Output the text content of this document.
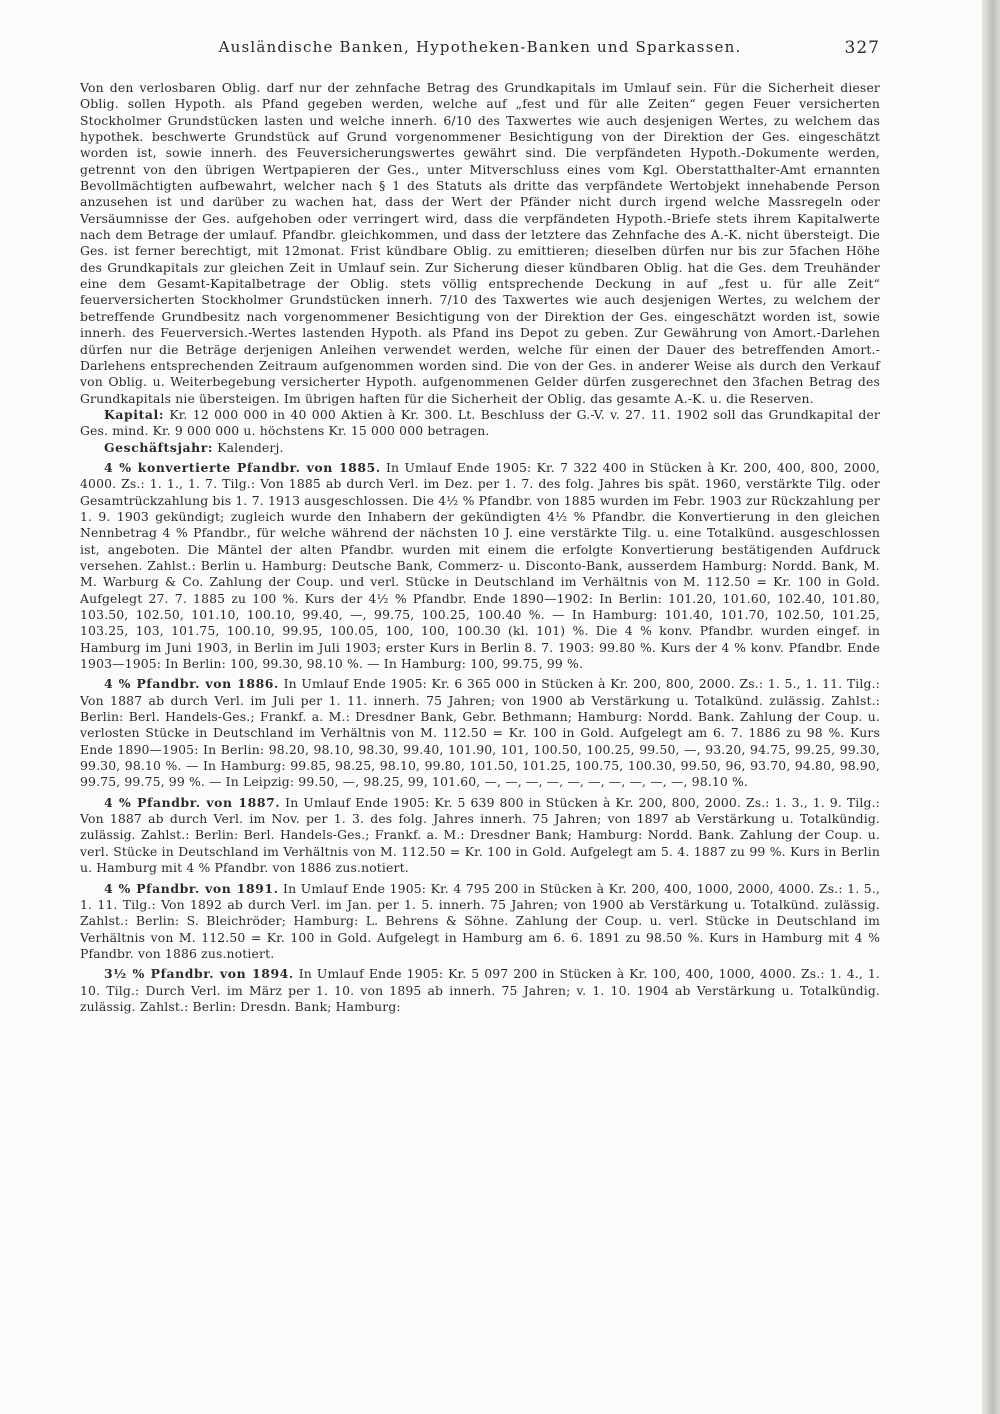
Ausländische Banken, Hypotheken-Banken und Sparkassen.	327

Von den verlosbaren Oblig. darf nur der zehnfache Betrag des Grundkapitals im Umlauf sein. Für die Sicherheit dieser Oblig. sollen Hypoth. als Pfand gegeben werden, welche auf „fest und für alle Zeiten“ gegen Feuer versicherten Stockholmer Grundstücken lasten und welche innerh. 6/10 des Taxwertes wie auch desjenigen Wertes, zu welchem das hypothek. beschwerte Grundstück auf Grund vorgenommener Besichtigung von der Direktion der Ges. eingeschätzt worden ist, sowie innerh. des Feuversicherungswertes gewährt sind. Die verpfändeten Hypoth.-Dokumente werden, getrennt von den übrigen Wertpapieren der Ges., unter Mitverschluss eines vom Kgl. Oberstatthalter-Amt ernannten Bevollmächtigten aufbewahrt, welcher nach § 1 des Statuts als dritte das verpfändete Wertobjekt innehabende Person anzusehen ist und darüber zu wachen hat, dass der Wert der Pfänder nicht durch irgend welche Massregeln oder Versäumnisse der Ges. aufgehoben oder verringert wird, dass die verpfändeten Hypoth.-Briefe stets ihrem Kapitalwerte nach dem Betrage der umlauf. Pfandbr. gleichkommen, und dass der letztere das Zehnfache des A.-K. nicht übersteigt. Die Ges. ist ferner berechtigt, mit 12monat. Frist kündbare Oblig. zu emittieren; dieselben dürfen nur bis zur 5fachen Höhe des Grundkapitals zur gleichen Zeit in Umlauf sein. Zur Sicherung dieser kündbaren Oblig. hat die Ges. dem Treuhänder eine dem Gesamt-Kapitalbetrage der Oblig. stets völlig entsprechende Deckung in auf „fest u. für alle Zeit“ feuerversicherten Stockholmer Grundstücken innerh. 7/10 des Taxwertes wie auch desjenigen Wertes, zu welchem der betreffende Grundbesitz nach vorgenommener Besichtigung von der Direktion der Ges. eingeschätzt worden ist, sowie innerh. des Feuerversich.-Wertes lastenden Hypoth. als Pfand ins Depot zu geben. Zur Gewährung von Amort.-Darlehen dürfen nur die Beträge derjenigen Anleihen verwendet werden, welche für einen der Dauer des betreffenden Amort.-Darlehens entsprechenden Zeitraum aufgenommen worden sind. Die von der Ges. in anderer Weise als durch den Verkauf von Oblig. u. Weiterbegebung versicherter Hypoth. aufgenommenen Gelder dürfen zusgerechnet den 3fachen Betrag des Grundkapitals nie übersteigen. Im übrigen haften für die Sicherheit der Oblig. das gesamte A.-K. u. die Reserven.

Kapital: Kr. 12 000 000 in 40 000 Aktien à Kr. 300. Lt. Beschluss der G.-V. v. 27. 11. 1902 soll das Grundkapital der Ges. mind. Kr. 9 000 000 u. höchstens Kr. 15 000 000 betragen.

Geschäftsjahr: Kalenderj.

4 % konvertierte Pfandbr. von 1885. In Umlauf Ende 1905: Kr. 7 322 400 in Stücken à Kr. 200, 400, 800, 2000, 4000. Zs.: 1. 1., 1. 7. Tilg.: Von 1885 ab durch Verl. im Dez. per 1. 7. des folg. Jahres bis spät. 1960, verstärkte Tilg. oder Gesamtrückzahlung bis 1. 7. 1913 ausgeschlossen. Die 4½ % Pfandbr. von 1885 wurden im Febr. 1903 zur Rückzahlung per 1. 9. 1903 gekündigt; zugleich wurde den Inhabern der gekündigten 4½ % Pfandbr. die Konvertierung in den gleichen Nennbetrag 4 % Pfandbr., für welche während der nächsten 10 J. eine verstärkte Tilg. u. eine Totalkünd. ausgeschlossen ist, angeboten. Die Mäntel der alten Pfandbr. wurden mit einem die erfolgte Konvertierung bestätigenden Aufdruck versehen. Zahlst.: Berlin u. Hamburg: Deutsche Bank, Commerz- u. Disconto-Bank, ausserdem Hamburg: Nordd. Bank, M. M. Warburg & Co. Zahlung der Coup. und verl. Stücke in Deutschland im Verhältnis von M. 112.50 = Kr. 100 in Gold. Aufgelegt 27. 7. 1885 zu 100 %. Kurs der 4½ % Pfandbr. Ende 1890—1902: In Berlin: 101.20, 101.60, 102.40, 101.80, 103.50, 102.50, 101.10, 100.10, 99.40, —, 99.75, 100.25, 100.40 %. — In Hamburg: 101.40, 101.70, 102.50, 101.25, 103.25, 103, 101.75, 100.10, 99.95, 100.05, 100, 100, 100.30 (kl. 101) %. Die 4 % konv. Pfandbr. wurden eingef. in Hamburg im Juni 1903, in Berlin im Juli 1903; erster Kurs in Berlin 8. 7. 1903: 99.80 %. Kurs der 4 % konv. Pfandbr. Ende 1903—1905: In Berlin: 100, 99.30, 98.10 %. — In Hamburg: 100, 99.75, 99 %.

4 % Pfandbr. von 1886. In Umlauf Ende 1905: Kr. 6 365 000 in Stücken à Kr. 200, 800, 2000. Zs.: 1. 5., 1. 11. Tilg.: Von 1887 ab durch Verl. im Juli per 1. 11. innerh. 75 Jahren; von 1900 ab Verstärkung u. Totalkünd. zulässig. Zahlst.: Berlin: Berl. Handels-Ges.; Frankf. a. M.: Dresdner Bank, Gebr. Bethmann; Hamburg: Nordd. Bank. Zahlung der Coup. u. verlosten Stücke in Deutschland im Verhältnis von M. 112.50 = Kr. 100 in Gold. Aufgelegt am 6. 7. 1886 zu 98 %. Kurs Ende 1890—1905: In Berlin: 98.20, 98.10, 98.30, 99.40, 101.90, 101, 100.50, 100.25, 99.50, —, 93.20, 94.75, 99.25, 99.30, 99.30, 98.10 %. — In Hamburg: 99.85, 98.25, 98.10, 99.80, 101.50, 101.25, 100.75, 100.30, 99.50, 96, 93.70, 94.80, 98.90, 99.75, 99.75, 99 %. — In Leipzig: 99.50, —, 98.25, 99, 101.60, —, —, —, —, —, —, —, —, —, —, 98.10 %.

4 % Pfandbr. von 1887. In Umlauf Ende 1905: Kr. 5 639 800 in Stücken à Kr. 200, 800, 2000. Zs.: 1. 3., 1. 9. Tilg.: Von 1887 ab durch Verl. im Nov. per 1. 3. des folg. Jahres innerh. 75 Jahren; von 1897 ab Verstärkung u. Totalkündig. zulässig. Zahlst.: Berlin: Berl. Handels-Ges.; Frankf. a. M.: Dresdner Bank; Hamburg: Nordd. Bank. Zahlung der Coup. u. verl. Stücke in Deutschland im Verhältnis von M. 112.50 = Kr. 100 in Gold. Aufgelegt am 5. 4. 1887 zu 99 %. Kurs in Berlin u. Hamburg mit 4 % Pfandbr. von 1886 zus.notiert.

4 % Pfandbr. von 1891. In Umlauf Ende 1905: Kr. 4 795 200 in Stücken à Kr. 200, 400, 1000, 2000, 4000. Zs.: 1. 5., 1. 11. Tilg.: Von 1892 ab durch Verl. im Jan. per 1. 5. innerh. 75 Jahren; von 1900 ab Verstärkung u. Totalkünd. zulässig. Zahlst.: Berlin: S. Bleichröder; Hamburg: L. Behrens & Söhne. Zahlung der Coup. u. verl. Stücke in Deutschland im Verhältnis von M. 112.50 = Kr. 100 in Gold. Aufgelegt in Hamburg am 6. 6. 1891 zu 98.50 %. Kurs in Hamburg mit 4 % Pfandbr. von 1886 zus.notiert.

3½ % Pfandbr. von 1894. In Umlauf Ende 1905: Kr. 5 097 200 in Stücken à Kr. 100, 400, 1000, 4000. Zs.: 1. 4., 1. 10. Tilg.: Durch Verl. im März per 1. 10. von 1895 ab innerh. 75 Jahren; v. 1. 10. 1904 ab Verstärkung u. Totalkündig. zulässig. Zahlst.: Berlin: Dresdn. Bank; Hamburg:
